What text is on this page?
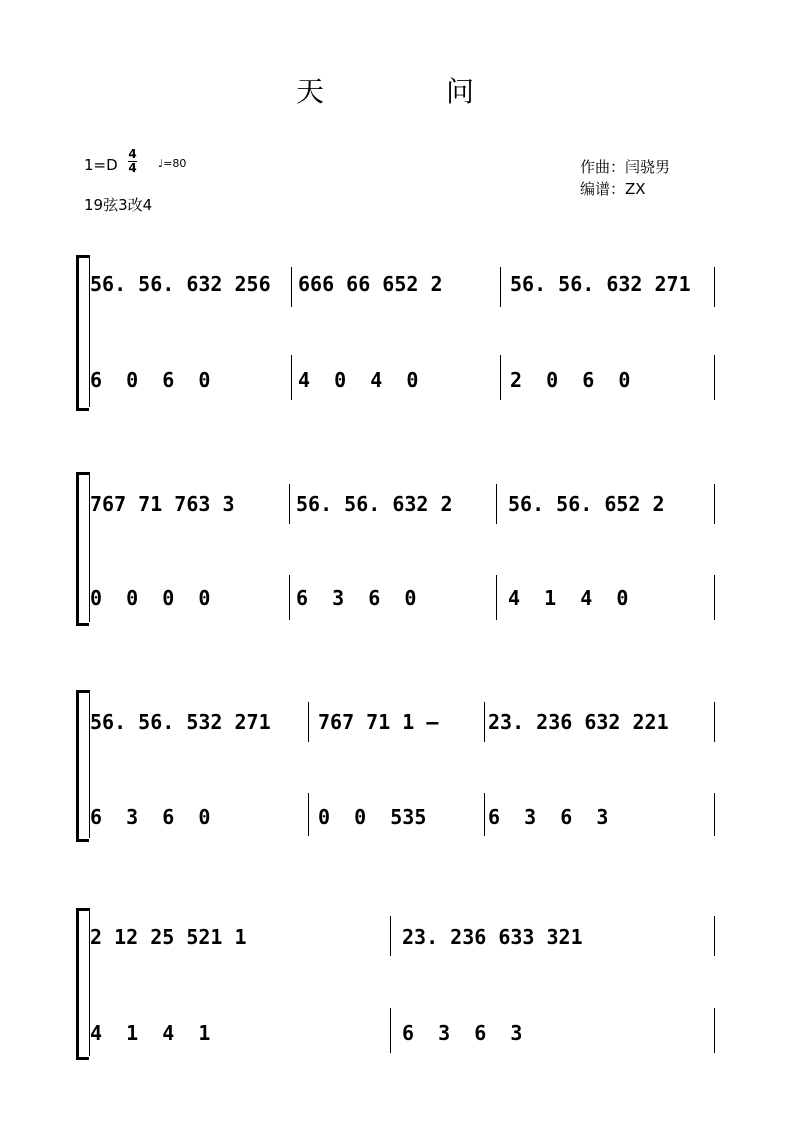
天　　　　问
1=D
4
4 ♩=80
19弦3改4
作曲：闫骁男
编谱：ZX

56. 56. 632 256

666 66 652 2

	56. 56. 632 271

6  0  6  0

	4  0  4  0

	2  0  6  0

767 71 763 3

	56. 56. 632 2

	56. 56. 652 2

0  0  0  0

	6  3  6  0

	4  1  4  0

56. 56. 532 271

767 71 1 –

23. 236 632 221

6  3  6  0

	0  0  535

	6  3  6  3

2 12 25 521 1

	23. 236 633 321

4  1  4  1

	6  3  6  3
